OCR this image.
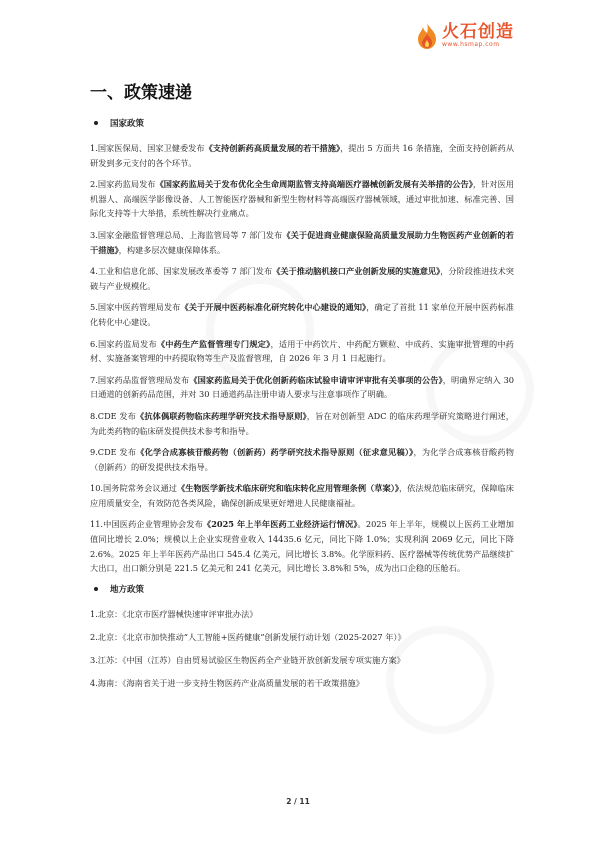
火石创造
www.hsmap.com
一、政策速递
国家政策

1.国家医保局、国家卫健委发布《支持创新药高质量发展的若干措施》，提出 5 方面共 16 条措施，全面支持创新药从研发到多元支付的各个环节。

2.国家药监局发布《国家药监局关于发布优化全生命周期监管支持高端医疗器械创新发展有关举措的公告》，针对医用机器人、高端医学影像设备、人工智能医疗器械和新型生物材料等高端医疗器械领域，通过审批加速、标准完善、国际化支持等十大举措，系统性解决行业痛点。

3.国家金融监督管理总局、上海监管局等 7 部门发布《关于促进商业健康保险高质量发展助力生物医药产业创新的若干措施》，构建多层次健康保障体系。

4.工业和信息化部、国家发展改革委等 7 部门发布《关于推动脑机接口产业创新发展的实施意见》，分阶段推进技术突破与产业规模化。

5.国家中医药管理局发布《关于开展中医药标准化研究转化中心建设的通知》，确定了首批 11 家单位开展中医药标准化转化中心建设。

6.国家药监局发布《中药生产监督管理专门规定》，适用于中药饮片、中药配方颗粒、中成药、实施审批管理的中药材、实施备案管理的中药提取物等生产及监督管理，自 2026 年 3 月 1 日起施行。

7.国家药品监督管理局发布《国家药监局关于优化创新药临床试验申请审评审批有关事项的公告》，明确界定纳入 30 日通道的创新药品范围，并对 30 日通道药品注册申请人要求与注意事项作了明确。

8.CDE 发布《抗体偶联药物临床药理学研究技术指导原则》，旨在对创新型 ADC 的临床药理学研究策略进行阐述，为此类药物的临床研发提供技术参考和指导。

9.CDE 发布《化学合成寡核苷酸药物（创新药）药学研究技术指导原则（征求意见稿）》，为化学合成寡核苷酸药物（创新药）的研发提供技术指导。

10.国务院常务会议通过《生物医学新技术临床研究和临床转化应用管理条例（草案）》，依法规范临床研究，保障临床应用质量安全，有效防范各类风险，确保创新成果更好增进人民健康福祉。

11.中国医药企业管理协会发布《2025 年上半年医药工业经济运行情况》。2025 年上半年，规模以上医药工业增加值同比增长 2.0%；规模以上企业实现营业收入 14435.6 亿元，同比下降 1.0%；实现利润 2069 亿元，同比下降 2.6%。2025 年上半年医药产品出口 545.4 亿美元，同比增长 3.8%。化学原料药、医疗器械等传统优势产品继续扩大出口，出口额分别是 221.5 亿美元和 241 亿美元，同比增长 3.8%和 5%，成为出口企稳的压舱石。

地方政策

1.北京：《北京市医疗器械快速审评审批办法》

2.北京：《北京市加快推动“人工智能+医药健康”创新发展行动计划（2025-2027 年）》

3.江苏：《中国（江苏）自由贸易试验区生物医药全产业链开放创新发展专项实施方案》

4.海南：《海南省关于进一步支持生物医药产业高质量发展的若干政策措施》

2 / 11
